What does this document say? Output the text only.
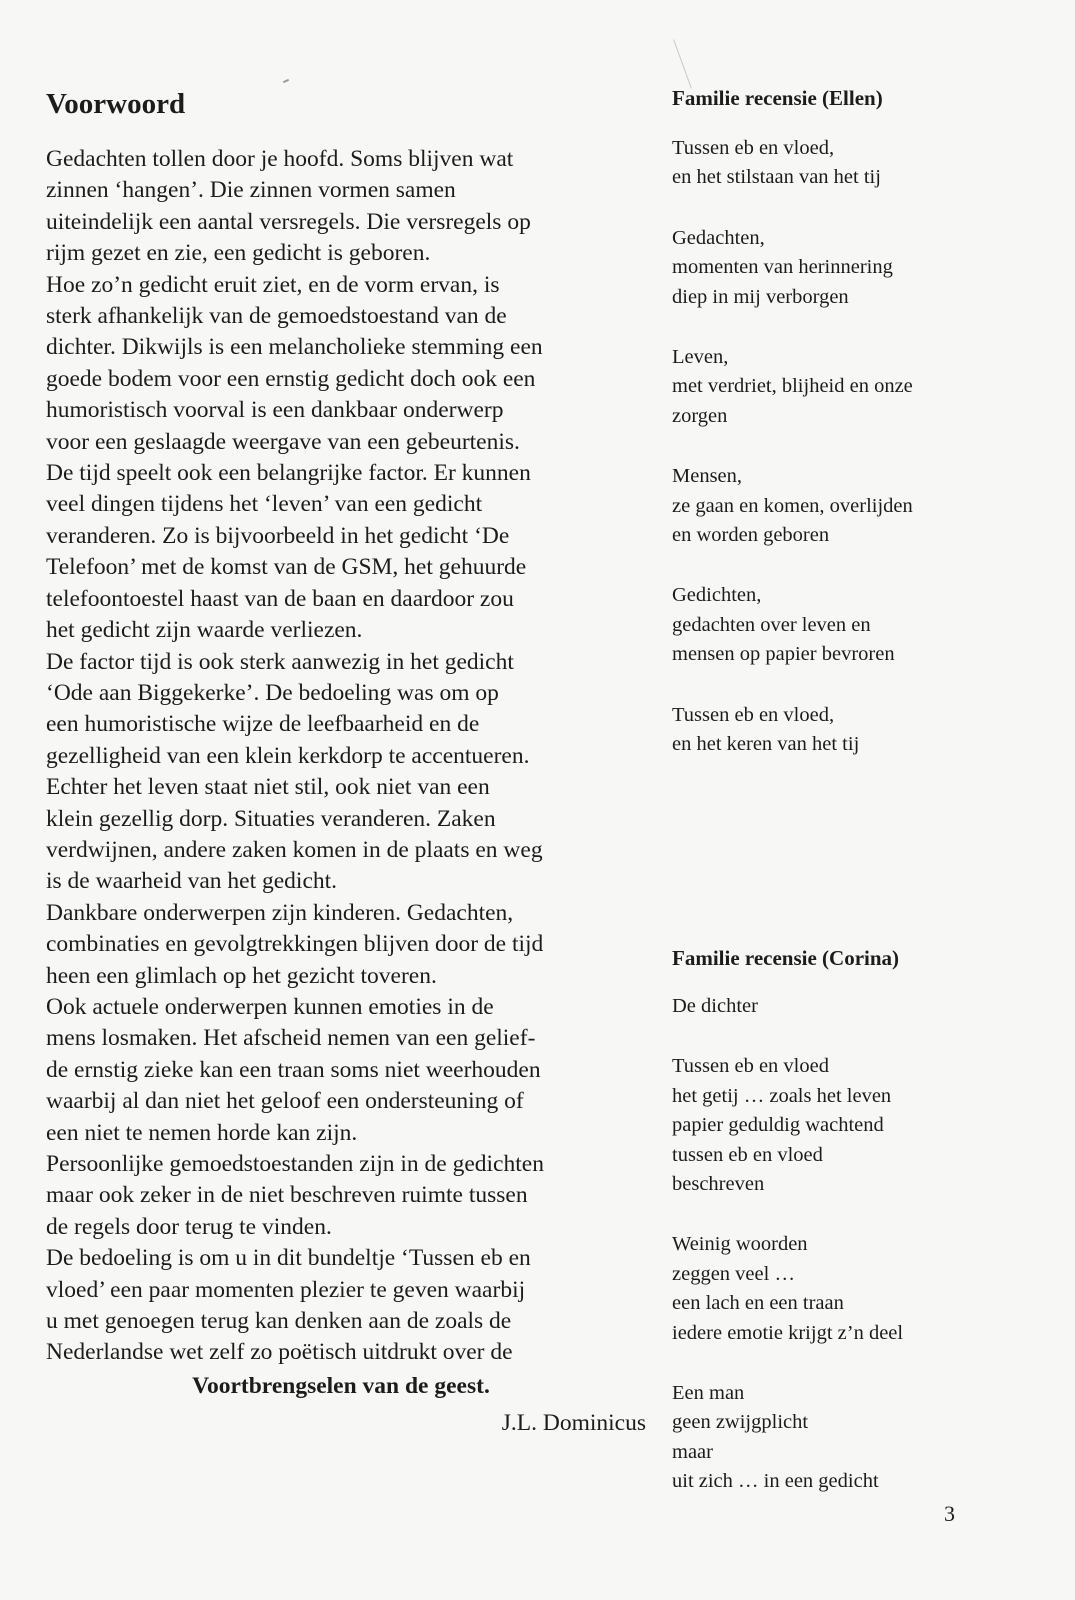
Voorwoord
Gedachten tollen door je hoofd. Soms blijven wat
zinnen ‘hangen’. Die zinnen vormen samen
uiteindelijk een aantal versregels. Die versregels op
rijm gezet en zie, een gedicht is geboren.
Hoe zo’n gedicht eruit ziet, en de vorm ervan, is
sterk afhankelijk van de gemoedstoestand van de
dichter. Dikwijls is een melancholieke stemming een
goede bodem voor een ernstig gedicht doch ook een
humoristisch voorval is een dankbaar onderwerp
voor een geslaagde weergave van een gebeurtenis.
De tijd speelt ook een belangrijke factor. Er kunnen
veel dingen tijdens het ‘leven’ van een gedicht
veranderen. Zo is bijvoorbeeld in het gedicht ‘De
Telefoon’ met de komst van de GSM, het gehuurde
telefoontoestel haast van de baan en daardoor zou
het gedicht zijn waarde verliezen.
De factor tijd is ook sterk aanwezig in het gedicht
‘Ode aan Biggekerke’. De bedoeling was om op
een humoristische wijze de leefbaarheid en de
gezelligheid van een klein kerkdorp te accentueren.
Echter het leven staat niet stil, ook niet van een
klein gezellig dorp. Situaties veranderen. Zaken
verdwijnen, andere zaken komen in de plaats en weg
is de waarheid van het gedicht.
Dankbare onderwerpen zijn kinderen. Gedachten,
combinaties en gevolgtrekkingen blijven door de tijd
heen een glimlach op het gezicht toveren.
Ook actuele onderwerpen kunnen emoties in de
mens losmaken. Het afscheid nemen van een gelief-
de ernstig zieke kan een traan soms niet weerhouden
waarbij al dan niet het geloof een ondersteuning of
een niet te nemen horde kan zijn.
Persoonlijke gemoedstoestanden zijn in de gedichten
maar ook zeker in de niet beschreven ruimte tussen
de regels door terug te vinden.
De bedoeling is om u in dit bundeltje ‘Tussen eb en
vloed’ een paar momenten plezier te geven waarbij
u met genoegen terug kan denken aan de zoals de
Nederlandse wet zelf zo poëtisch uitdrukt over de
Voortbrengselen van de geest.
J.L. Dominicus
Familie recensie (Ellen)
Tussen eb en vloed,
en het stilstaan van het tij
Gedachten,
momenten van herinnering
diep in mij verborgen
Leven,
met verdriet, blijheid en onze
zorgen
Mensen,
ze gaan en komen, overlijden
en worden geboren
Gedichten,
gedachten over leven en
mensen op papier bevroren
Tussen eb en vloed,
en het keren van het tij
Familie recensie (Corina)
De dichter
Tussen eb en vloed
het getij … zoals het leven
papier geduldig wachtend
tussen eb en vloed
beschreven
Weinig woorden
zeggen veel …
een lach en een traan
iedere emotie krijgt z’n deel
Een man
geen zwijgplicht
maar
uit zich … in een gedicht
3
